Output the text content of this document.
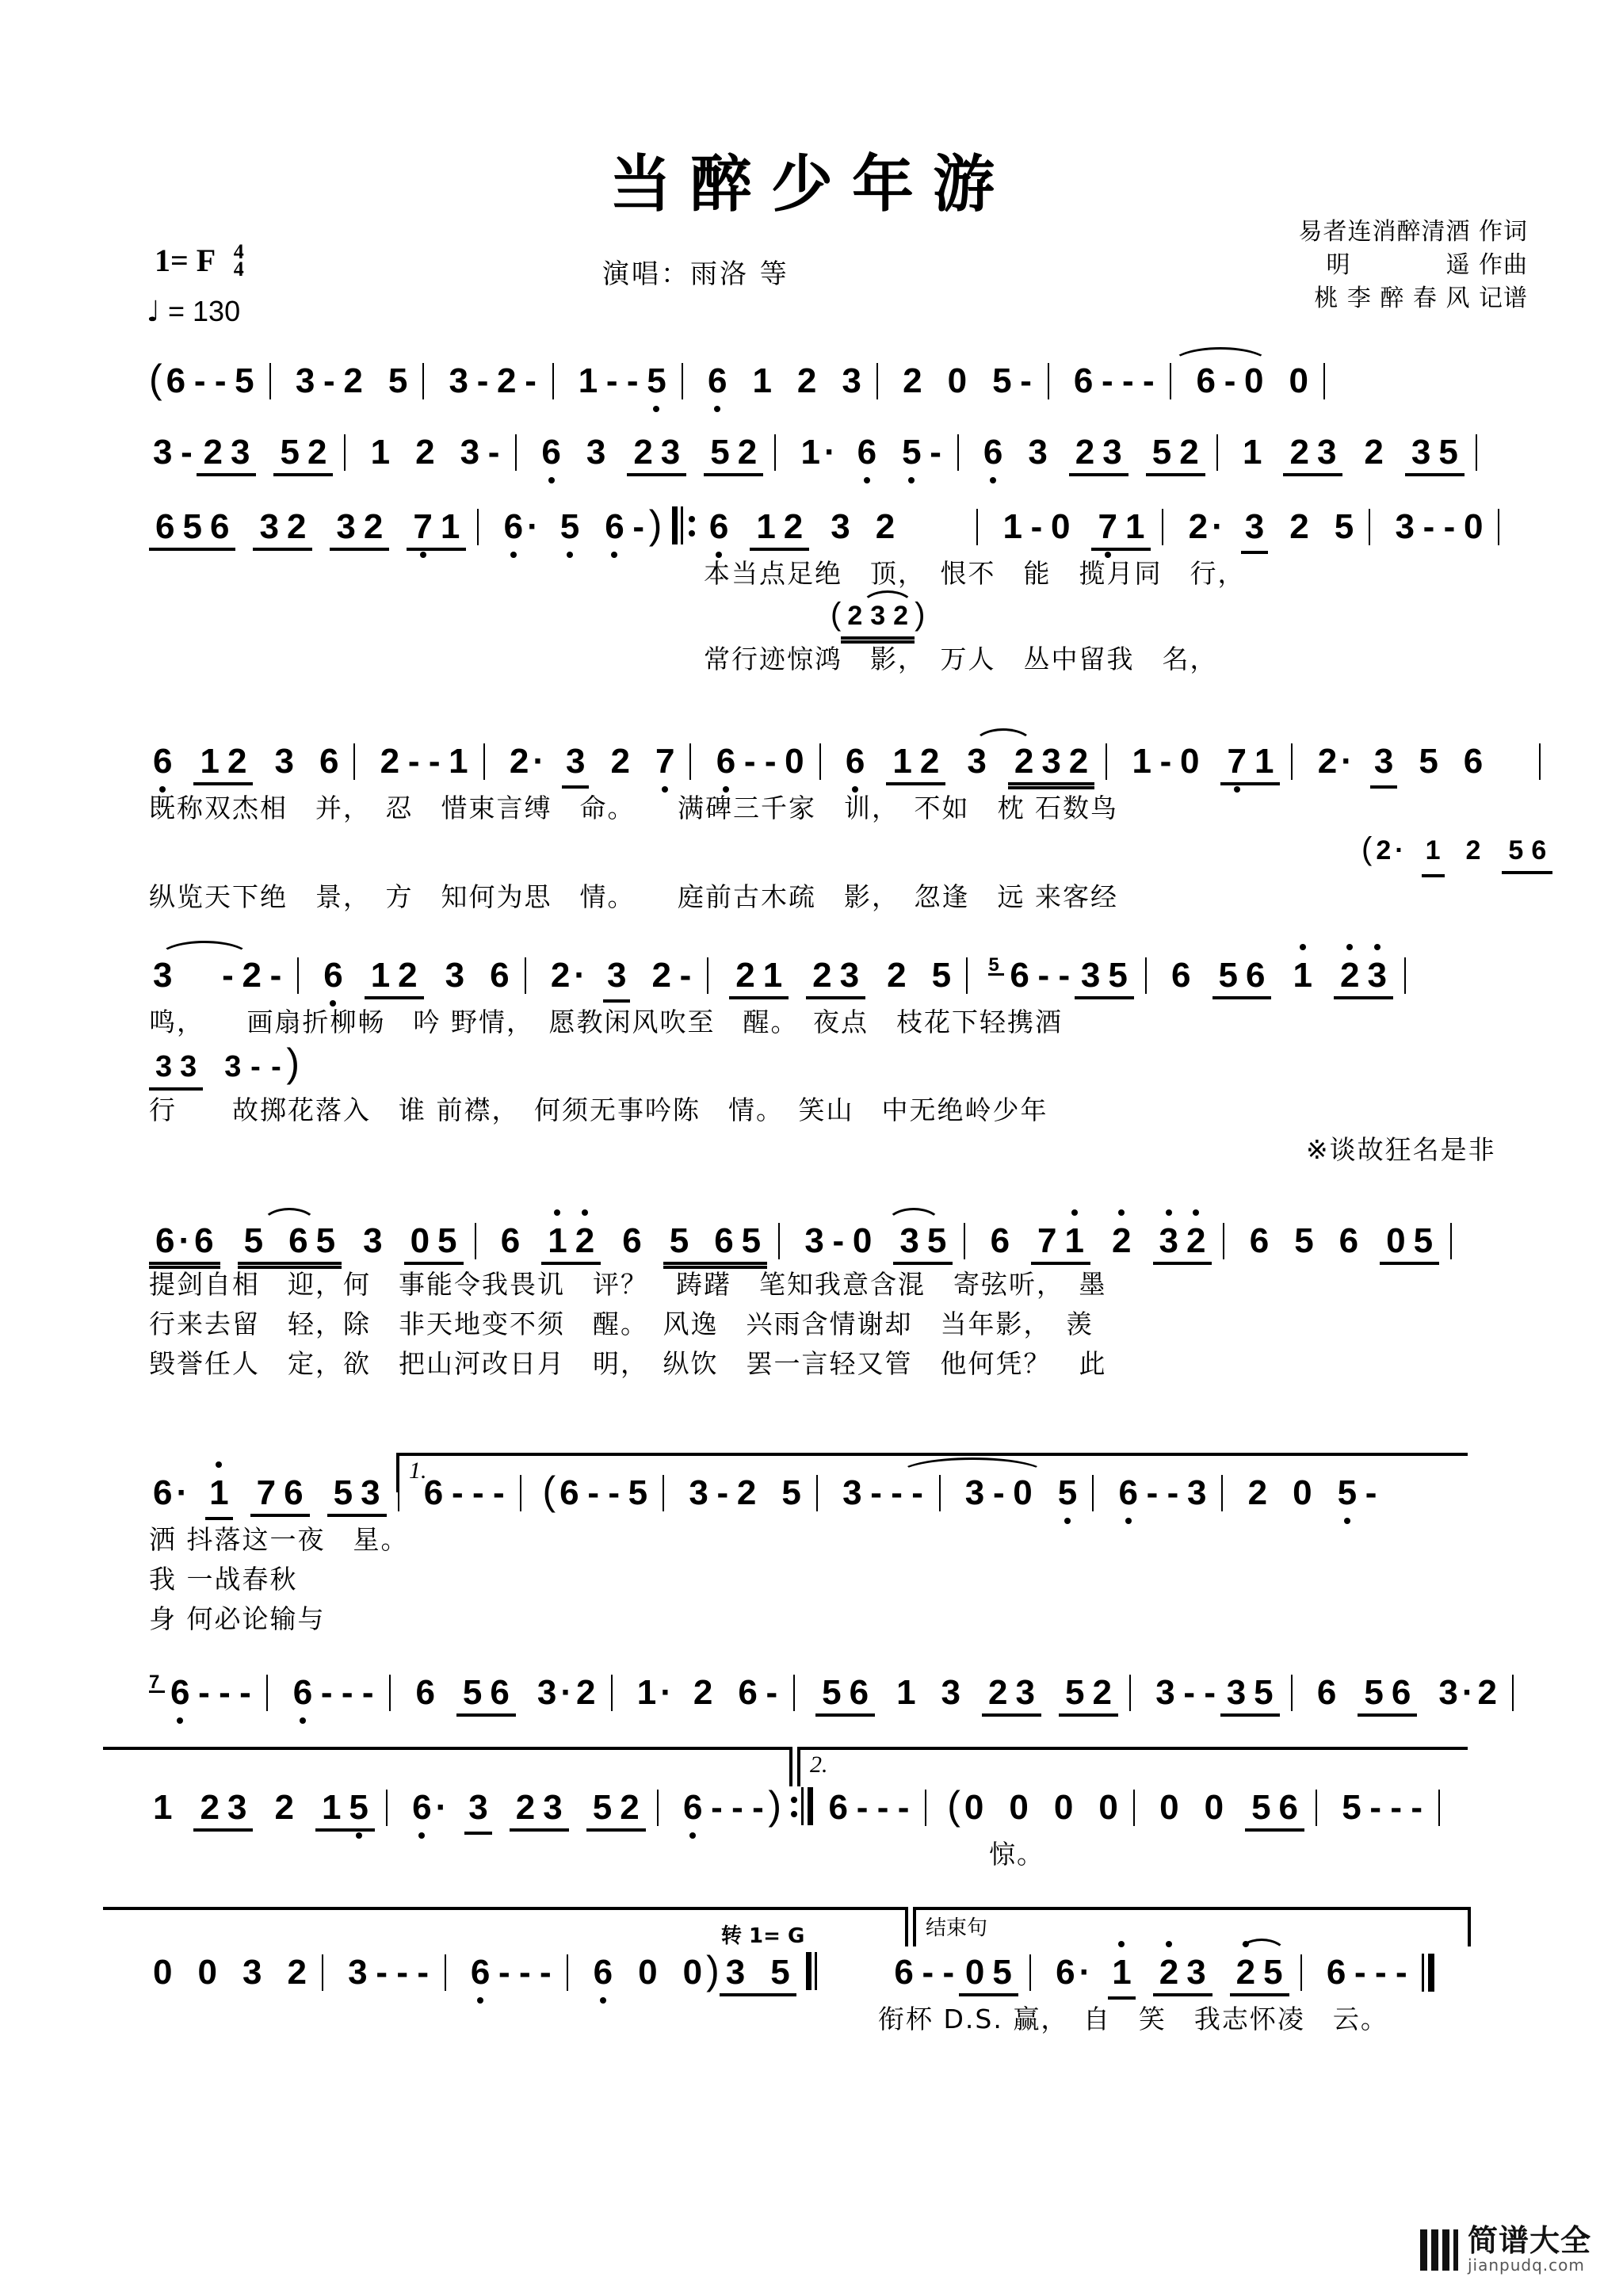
当醉少年游
演唱：雨洛 等
易者连消醉清酒 作词
明	遥 作曲
桃 李 醉 春 风 记谱
1= F 4
4
♩ = 130
( 6 - - 5 3 - 2 5 3 - 2 - 1 - - 5 6 1 2 3 2 0 5 - 6 - - - 6 - 0 0
3 - 2 3 5 2 1 2 3 - 6 3 2 3 5 2 1 · 6 5 - 6 3 2 3 5 2 1 2 3 2 3 5
6 5 6 3 2 3 2 7 1 6 · 5 6 - ) 6 1 2 3 2	1 - 0 7 1 2 · 3 2 5 3 - - 0
本当点足绝　顶，　恨不　能　揽月同　行，
( 2 3 2 )
常行迹惊鸿　影，　万人　丛中留我　名，
6 1 2 3 6 2 - - 1 2 · 3 2 7 6 - - 0 6 1 2 3 2 3 2 1 - 0 7 1 2 · 3 5 6
既称双杰相　并，　忍　惜束言缚　命。　　满碑三千家　训，　不如　枕 石数鸟
( 2 · 1 2 5 6
纵览天下绝　景，　方　知何为思　情。　　庭前古木疏　影，　忽逢　远 来客经
3 - 2 - 6 1 2 3 6 2 · 3 2 - 2 1 2 3 2 5 5 6 - - 3 5 6 5 6 1 2 3
鸣，　　画扇折柳畅　吟 野情，　愿教闲风吹至　醒。　夜点　枝花下轻携酒
3 3 3 - - )
行　　故掷花落入　谁 前襟，　何须无事吟陈　情。　笑山　中无绝岭少年
※谈故狂名是非
6 · 6 5 6 5 3 0 5 6 1 2 6 5 6 5 3 - 0 3 5 6 7 1 2 3 2 6 5 6 0 5
提剑自相　迎，何　事能令我畏讥　评？　踌躇　笔知我意含混　寄弦听，　墨
行来去留　轻，除　非天地变不须　醒。　风逸　兴雨含情谢却　当年影，　羡
毁誉任人　定，欲　把山河改日月　明，　纵饮　罢一言轻又管　他何凭？　此
1.
6 · 1 7 6 5 3 6 - - - ( 6 - - 5 3 - 2 5 3 - - - 3 - 0 5 6 - - 3 2 0 5 -
洒 抖落这一夜　星。
我 一战春秋
身 何必论输与
7 6 - - - 6 - - - 6 5 6 3 · 2 1 · 2 6 - 5 6 1 3 2 3 5 2 3 - - 3 5 6 5 6 3 · 2
2.
1 2 3 2 1 5 6 · 3 2 3 5 2 6 - - - ) 6 - - - ( 0 0 0 0 0 0 5 6 5 - - -
惊。
结束句
转 1= G
0 0 3 2 3 - - - 6 - - - 6 0 0 ) 3 5	6 - - 0 5 6 · 1 2 3 2 5 6 - - -
衔杯 D.S. 赢，　自　笑　我志怀凌　云。
简谱大全
jianpudq.com
